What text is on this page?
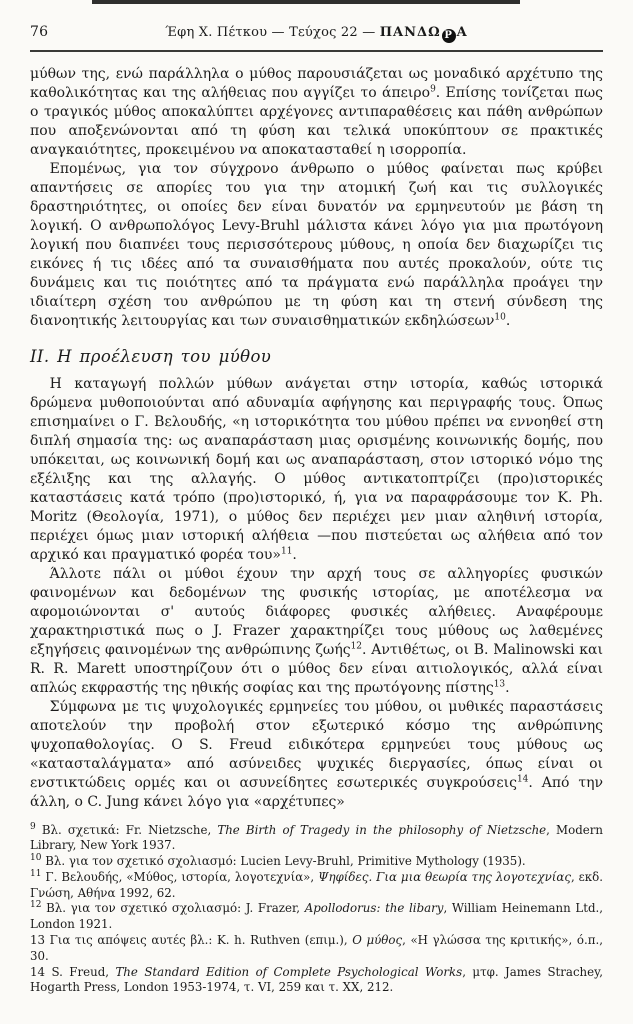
76	Έφη Χ. Πέτκου — Τεύχος 22 — ΠΑΝΔΩ Ρ Α

μύθων της, ενώ παράλληλα ο μύθος παρουσιάζεται ως μοναδικό αρχέτυπο της καθολικότητας και της αλήθειας που αγγίζει το άπειρο$^9$. Επίσης τονίζεται πως ο τραγικός μύθος αποκαλύπτει αρχέγονες αντιπαραθέσεις και πάθη ανθρώπων που αποξενώνονται από τη φύση και τελικά υποκύπτουν σε πρακτικές αναγκαιότητες, προκειμένου να αποκατασταθεί η ισορροπία.

Επομένως, για τον σύγχρονο άνθρωπο ο μύθος φαίνεται πως κρύβει απαντήσεις σε απορίες του για την ατομική ζωή και τις συλλογικές δραστηριότητες, οι οποίες δεν είναι δυνατόν να ερμηνευτούν με βάση τη λογική. Ο ανθρωπολόγος Levy-Bruhl μάλιστα κάνει λόγο για μια πρωτόγονη λογική που διαπνέει τους περισσότερους μύθους, η οποία δεν διαχωρίζει τις εικόνες ή τις ιδέες από τα συναισθήματα που αυτές προκαλούν, ούτε τις δυνάμεις και τις ποιότητες από τα πράγματα ενώ παράλληλα προάγει την ιδιαίτερη σχέση του ανθρώπου με τη φύση και τη στενή σύνδεση της διανοητικής λειτουργίας και των συναισθηματικών εκδηλώσεων$^{10}$.

ΙΙ. Η προέλευση του μύθου

Η καταγωγή πολλών μύθων ανάγεται στην ιστορία, καθώς ιστορικά δρώμενα μυθοποιούνται από αδυναμία αφήγησης και περιγραφής τους. Όπως επισημαίνει ο Γ. Βελουδής, «η ιστορικότητα του μύθου πρέπει να εννοηθεί στη διπλή σημασία της: ως αναπαράσταση μιας ορισμένης κοινωνικής δομής, που υπόκειται, ως κοινωνική δομή και ως αναπαράσταση, στον ιστορικό νόμο της εξέλιξης και της αλλαγής. Ο μύθος αντικατοπτρίζει (προ)ιστορικές καταστάσεις κατά τρόπο (προ)ιστορικό, ή, για να παραφράσουμε τον K. Ph. Moritz (Θεολογία, 1971), ο μύθος δεν περιέχει μεν μιαν αληθινή ιστορία, περιέχει όμως μιαν ιστορική αλήθεια —που πιστεύεται ως αλήθεια από τον αρχικό και πραγματικό φορέα του»$^{11}$.

Άλλοτε πάλι οι μύθοι έχουν την αρχή τους σε αλληγορίες φυσικών φαινομένων και δεδομένων της φυσικής ιστορίας, με αποτέλεσμα να αφομοιώνονται σ' αυτούς διάφορες φυσικές αλήθειες. Αναφέρουμε χαρακτηριστικά πως ο J. Frazer χαρακτηρίζει τους μύθους ως λαθεμένες εξηγήσεις φαινομένων της ανθρώπινης ζωής$^{12}$. Αντιθέτως, οι B. Malinowski και R. R. Marett υποστηρίζουν ότι ο μύθος δεν είναι αιτιολογικός, αλλά είναι απλώς εκφραστής της ηθικής σοφίας και της πρωτόγονης πίστης$^{13}$.

Σύμφωνα με τις ψυχολογικές ερμηνείες του μύθου, οι μυθικές παραστάσεις αποτελούν την προβολή στον εξωτερικό κόσμο της ανθρώπινης ψυχοπαθολογίας. Ο S. Freud ειδικότερα ερμηνεύει τους μύθους ως «κατασταλάγματα» από ασύνειδες ψυχικές διεργασίες, όπως είναι οι ενστικτώδεις ορμές και οι ασυνείδητες εσωτερικές συγκρούσεις$^{14}$. Από την άλλη, ο C. Jung κάνει λόγο για «αρχέτυπες»

$^9$ Βλ. σχετικά: Fr. Nietzsche, The Birth of Tragedy in the philosophy of Nietzsche, Modern Library, New York 1937.

$^{10}$ Βλ. για τον σχετικό σχολιασμό: Lucien Levy-Bruhl, Primitive Mythology (1935).

$^{11}$ Γ. Βελουδής, «Μύθος, ιστορία, λογοτεχνία», Ψηφίδες. Για μια θεωρία της λογοτεχνίας, εκδ. Γνώση, Αθήνα 1992, 62.

$^{12}$ Βλ. για τον σχετικό σχολιασμό: J. Frazer, Apollodorus: the libary, William Heinemann Ltd., London 1921.

13 Για τις απόψεις αυτές βλ.: K. h. Ruthven (επιμ.), Ο μύθος, «Η γλώσσα της κριτικής», ό.π., 30.

14 S. Freud, The Standard Edition of Complete Psychological Works, μτφ. James Strachey, Hogarth Press, London 1953-1974, τ. VI, 259 και τ. XX, 212.
